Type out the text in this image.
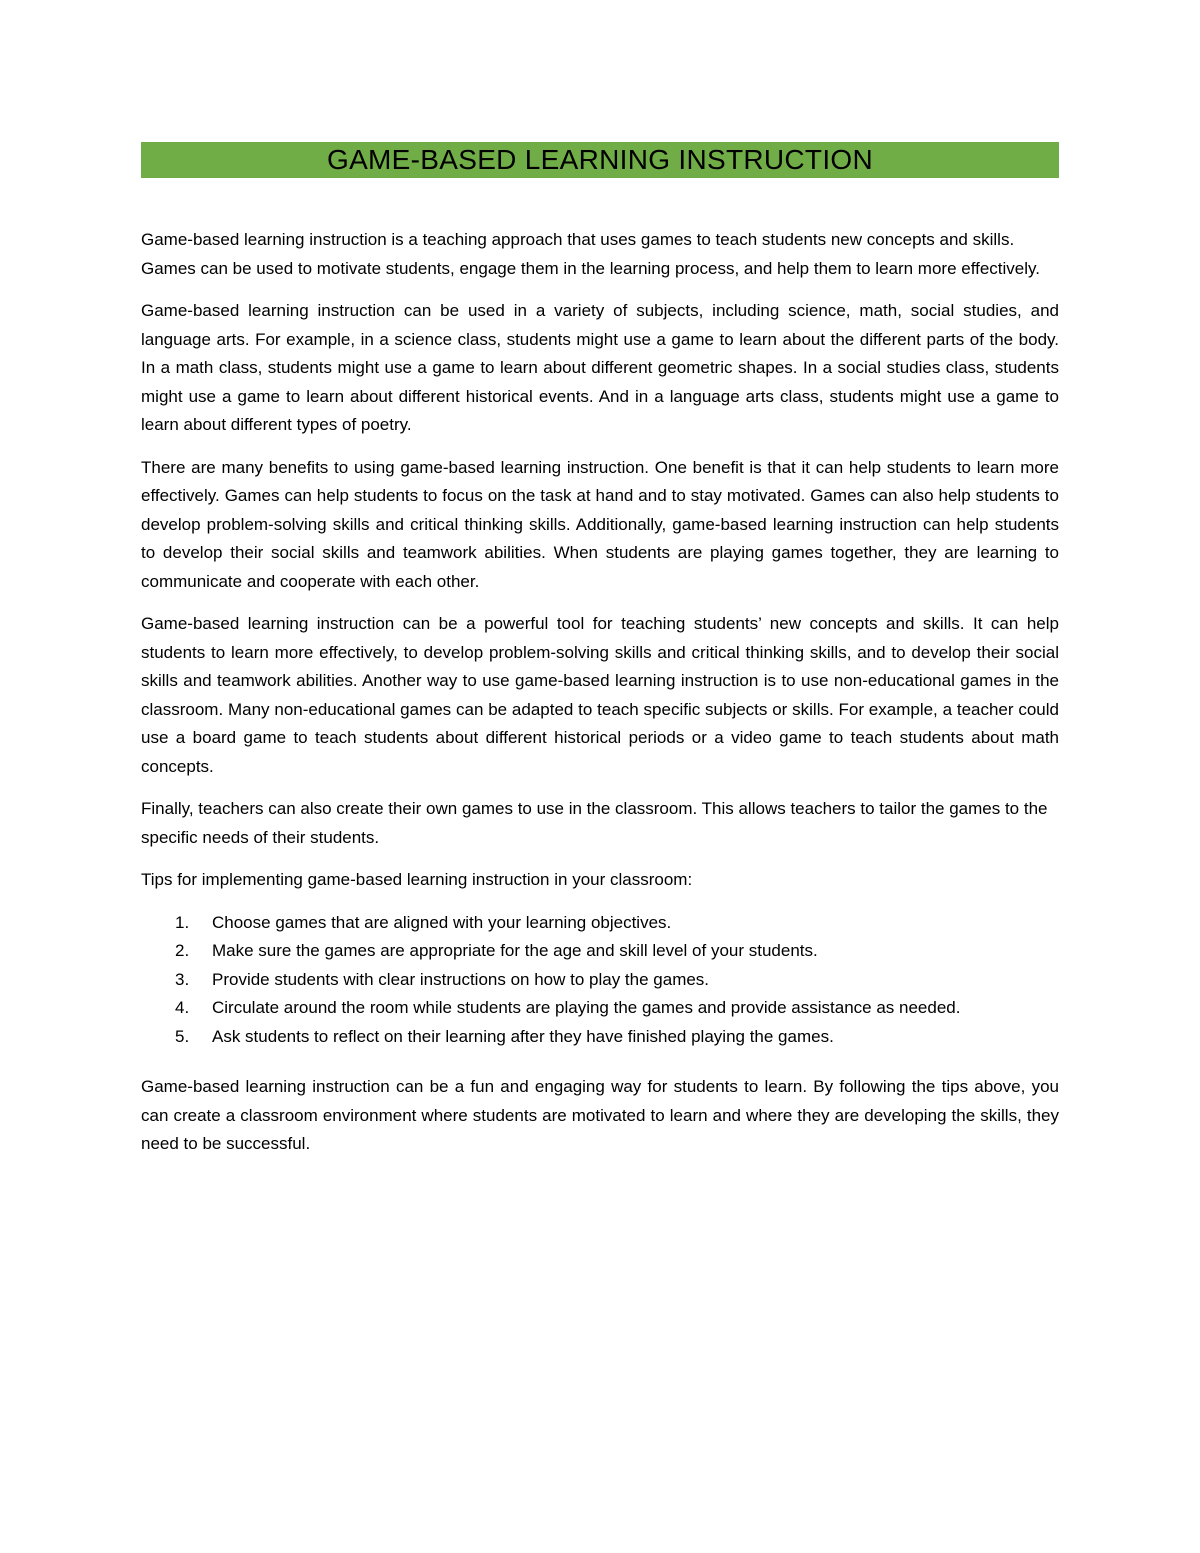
GAME-BASED LEARNING INSTRUCTION

Game-based learning instruction is a teaching approach that uses games to teach students new concepts and skills. Games can be used to motivate students, engage them in the learning process, and help them to learn more effectively.

Game-based learning instruction can be used in a variety of subjects, including science, math, social studies, and language arts. For example, in a science class, students might use a game to learn about the different parts of the body. In a math class, students might use a game to learn about different geometric shapes. In a social studies class, students might use a game to learn about different historical events. And in a language arts class, students might use a game to learn about different types of poetry.

There are many benefits to using game-based learning instruction. One benefit is that it can help students to learn more effectively. Games can help students to focus on the task at hand and to stay motivated. Games can also help students to develop problem-solving skills and critical thinking skills. Additionally, game-based learning instruction can help students to develop their social skills and teamwork abilities. When students are playing games together, they are learning to communicate and cooperate with each other.

Game-based learning instruction can be a powerful tool for teaching students’ new concepts and skills. It can help students to learn more effectively, to develop problem-solving skills and critical thinking skills, and to develop their social skills and teamwork abilities. Another way to use game-based learning instruction is to use non-educational games in the classroom. Many non-educational games can be adapted to teach specific subjects or skills. For example, a teacher could use a board game to teach students about different historical periods or a video game to teach students about math concepts.

Finally, teachers can also create their own games to use in the classroom. This allows teachers to tailor the games to the specific needs of their students.

Tips for implementing game-based learning instruction in your classroom:

1.	Choose games that are aligned with your learning objectives.
2.	Make sure the games are appropriate for the age and skill level of your students.
3.	Provide students with clear instructions on how to play the games.
4.	Circulate around the room while students are playing the games and provide assistance as needed.
5.	Ask students to reflect on their learning after they have finished playing the games.

Game-based learning instruction can be a fun and engaging way for students to learn. By following the tips above, you can create a classroom environment where students are motivated to learn and where they are developing the skills, they need to be successful.
